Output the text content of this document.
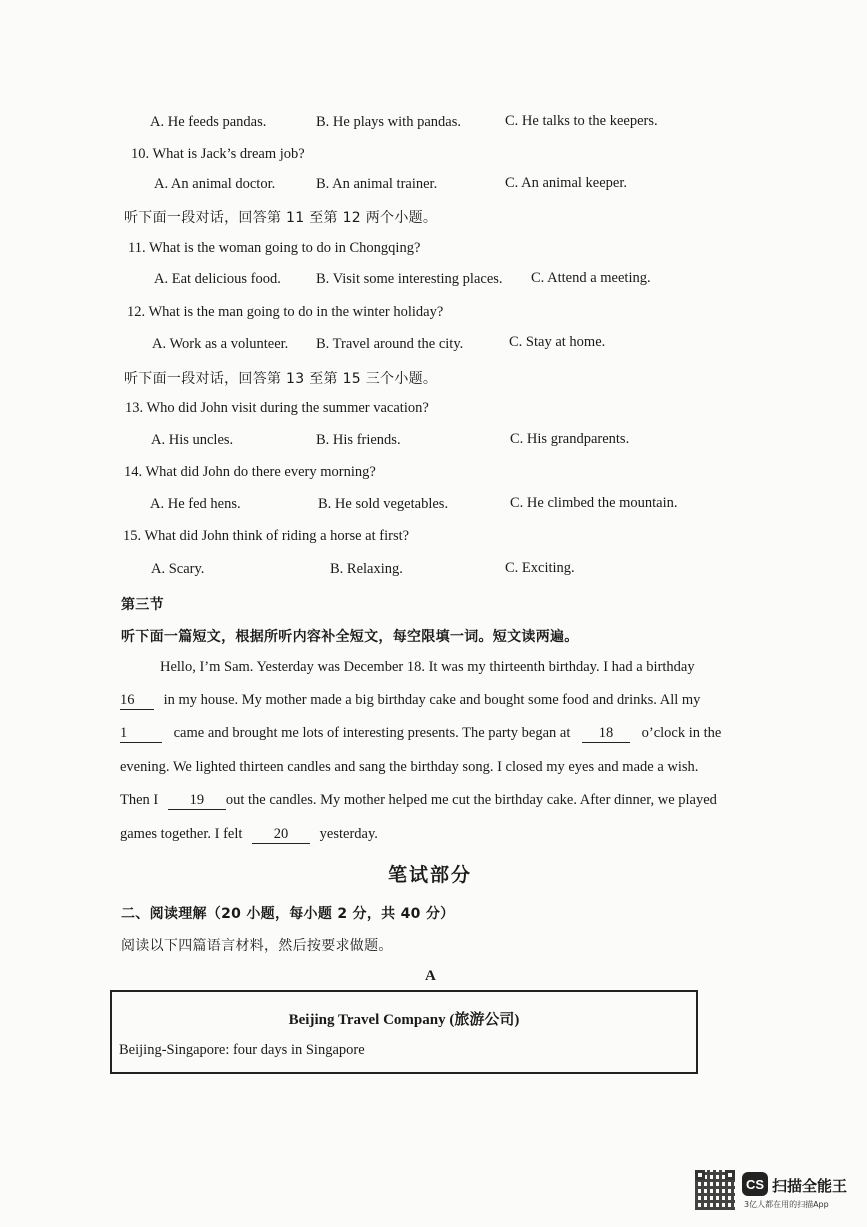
A. He feeds pandas.	B. He plays with pandas.	C. He talks to the keepers.
10. What is Jack’s dream job?
A. An animal doctor.	B. An animal trainer.	C. An animal keeper.
听下面一段对话，回答第 11 至第 12 两个小题。
11. What is the woman going to do in Chongqing?
A. Eat delicious food. B. Visit some interesting places. C. Attend a meeting.
12. What is the man going to do in the winter holiday?
A. Work as a volunteer. B. Travel around the city.	C. Stay at home.
听下面一段对话，回答第 13 至第 15 三个小题。
13. Who did John visit during the summer vacation?
A. His uncles.	B. His friends.	C. His grandparents.
14. What did John do there every morning?
A. He fed hens.	B. He sold vegetables.	C. He climbed the mountain.
15. What did John think of riding a horse at first?
A. Scary.	B. Relaxing.	C. Exciting.
第三节
听下面一篇短文，根据所听内容补全短文，每空限填一词。短文读两遍。
Hello, I’m Sam. Yesterday was December 18. It was my thirteenth birthday. I had a birthday
16 in my house. My mother made a big birthday cake and bought some food and drinks. All my
1	came and brought me lots of interesting presents. The party began at 18 o’clock in the
evening. We lighted thirteen candles and sang the birthday song. I closed my eyes and made a wish.
Then I 19 out the candles. My mother helped me cut the birthday cake. After dinner, we played
games together. I felt 20 yesterday.
笔试部分
二、阅读理解（20 小题，每小题 2 分，共 40 分）
阅读以下四篇语言材料，然后按要求做题。
A
Beijing Travel Company (旅游公司)
Beijing-Singapore: four days in Singapore
CS 扫描全能王
3亿人都在用的扫描App
